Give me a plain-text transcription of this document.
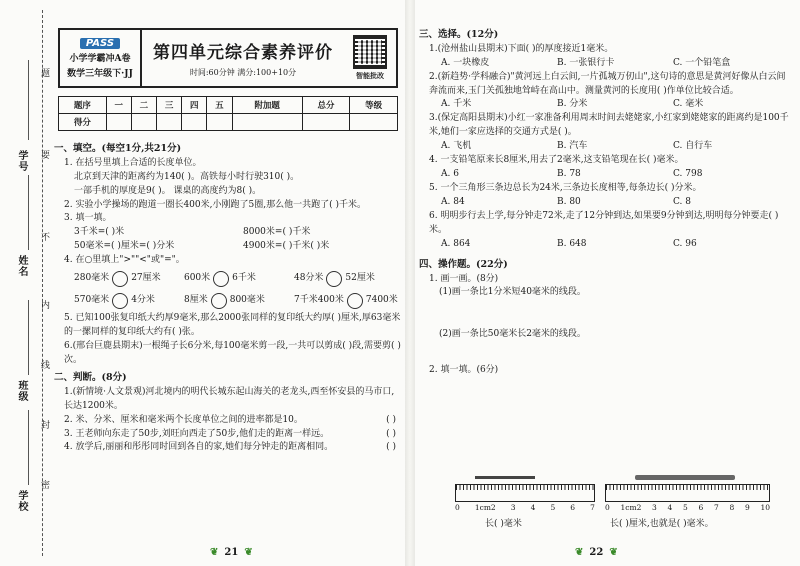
学号
姓名
班级
学校
题
要
不
内
线
封
密
PASS
小学学霸冲A卷
数学三年级下·JJ
第四单元综合素养评价
时间:60分钟 满分:100+10分	智能批改
题序	一	二	三	四	五	附加题	总分	等级
得分								
一、填空。(每空1分,共21分)
1. 在括号里填上合适的长度单位。
北京到天津的距离约为140( )。高铁每小时行驶310( )。
一部手机的厚度是9( )。 课桌的高度约为8( )。
2. 实验小学操场的跑道一圈长400米,小刚跑了5圈,那么他一共跑了( )千米。
3. 填一填。
3千米=( )米	8000米=( )千米
50毫米=( )厘米=( )分米	4900米=( )千米( )米
4. 在○里填上">""<"或"="。
280毫米 27厘米	600米 6千米	48分米 52厘米
570毫米 4分米	8厘米 800毫米	7千米400米 7400米
5. 已知100张复印纸大约厚9毫米,那么2000张同样的复印纸大约厚( )厘米,厚63毫米的一摞同样的复印纸大约有( )张。
6.(邢台巨鹿县期末)一根绳子长6分米,每100毫米剪一段,一共可以剪成( )段,需要剪( )次。
二、判断。(8分)
1.(新情境·人文景观)河北境内的明代长城东起山海关的老龙头,西至怀安县的马市口,长达1200米。
2. 米、分米、厘米和毫米两个长度单位之间的进率都是10。	( )
3. 王老师向东走了50步,刘旺向西走了50步,他们走的距离一样远。	( )
4. 放学后,丽丽和彤彤同时回到各自的家,她们每分钟走的距离相同。	( )
❦ 21 ❦
三、选择。(12分)
1.(沧州盐山县期末)下面( )的厚度接近1毫米。
A. 一块橡皮	B. 一张银行卡	C. 一个铅笔盒
2.(新趋势·学科融合)"黄河远上白云间,一片孤城万仞山",这句诗的意思是黄河好像从白云间奔流而来,玉门关孤独地耸峙在高山中。测量黄河的长度用( )作单位比较合适。
A. 千米	B. 分米	C. 毫米
3.(保定高阳县期末)小红一家准备利用周末时间去姥姥家,小红家到姥姥家的距离约是100千米,她们一家应选择的交通方式是( )。
A. 飞机	B. 汽车	C. 自行车
4. 一支铅笔原来长8厘米,用去了2毫米,这支铅笔现在长( )毫米。
A. 6	B. 78	C. 798
5. 一个三角形三条边总长为24米,三条边长度相等,每条边长( )分米。
A. 84	B. 80	C. 8
6. 明明步行去上学,每分钟走72米,走了12分钟到达,如果要9分钟到达,明明每分钟要走( )米。
A. 864	B. 648	C. 96
四、操作题。(22分)
1. 画一画。(8分)
(1)画一条比1分米短40毫米的线段。
(2)画一条比50毫米长2毫米的线段。
2. 填一填。(6分)
0 1cm2 3 4 5 6 7
长( )毫米
0 1cm2 3 4 5 6 7 8 9 10
长( )厘米,也就是( )毫米。
❦ 22 ❦
